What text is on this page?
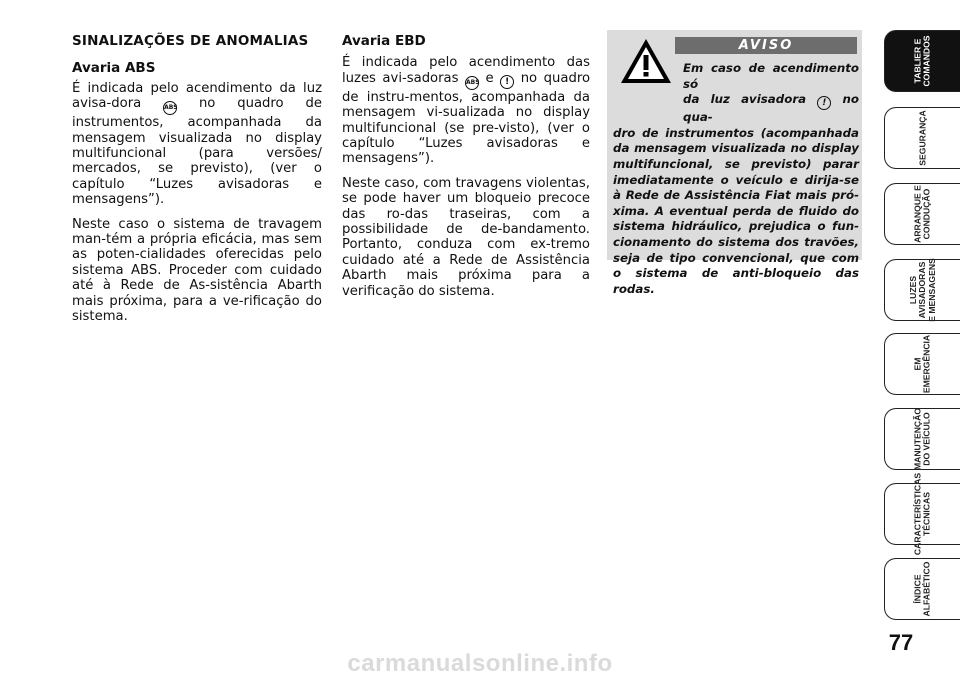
SINALIZAÇÕES DE ANOMALIAS

Avaria ABS

É indicada pelo acendimento da luz avisa-dora	ABS no quadro de instrumentos, acompanhada da mensagem visualizada no display multifuncional (para versões/ mercados, se previsto), (ver o capítulo “Luzes avisadoras e mensagens”).

Neste caso o sistema de travagem man-tém a própria eficácia, mas sem as poten-cialidades oferecidas pelo sistema ABS. Proceder com cuidado até à Rede de As-sistência Abarth mais próxima, para a ve-rificação do sistema.

Avaria EBD

É indicada pelo acendimento das luzes avi-sadoras ABS e ! no quadro de instru-mentos, acompanhada da mensagem vi-sualizada no display multifuncional (se pre-visto), (ver o capítulo “Luzes avisadoras e mensagens”).

Neste caso, com travagens violentas, se pode haver um bloqueio precoce das ro-das traseiras, com a possibilidade de de-bandamento. Portanto, conduza com ex-tremo cuidado até a Rede de Assistência Abarth mais próxima para a verificação do sistema.

AVISO
Em caso de acendimento só
da luz avisadora ! no qua-
dro de instrumentos (acompanhada da mensagem visualizada no display multifuncional, se previsto) parar imediatamente o veículo e dirija-se à Rede de Assistência Fiat mais pró-xima. A eventual perda de fluido do sistema hidráulico, prejudica o fun-cionamento do sistema dos travões, seja de tipo convencional, que com o sistema de anti-bloqueio das rodas.
TABLIER E
COMANDOS
SEGURANÇA
ARRANQUE E
CONDUÇÃO
LUZES
AVISADORAS
E MENSAGENS
EM
EMERGÊNCIA
MANUTENÇÃO
DO VEÍCULO
CARACTERÍSTICAS
TÉCNICAS
ÍNDICE
ALFABÉTICO
77
carmanualsonline.info
